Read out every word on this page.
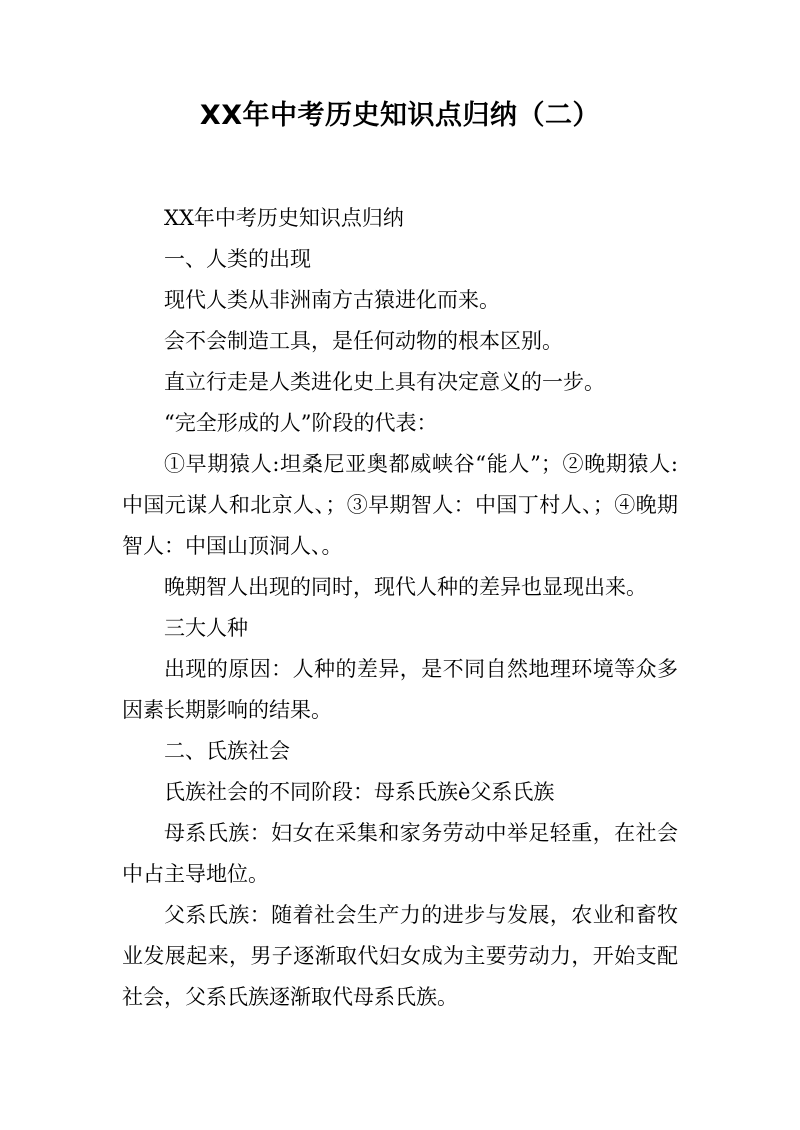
XX年中考历史知识点归纳（二）

XX年中考历史知识点归纳

一、人类的出现

现代人类从非洲南方古猿进化而来。

会不会制造工具，是任何动物的根本区别。

直立行走是人类进化史上具有决定意义的一步。

“完全形成的人”阶段的代表：

①早期猿人:坦桑尼亚奥都威峡谷“能人”；②晚期猿人:中国元谋人和北京人、；③早期智人：中国丁村人、；④晚期智人：中国山顶洞人、。

晚期智人出现的同时，现代人种的差异也显现出来。

三大人种

出现的原因：人种的差异，是不同自然地理环境等众多因素长期影响的结果。

二、氏族社会

氏族社会的不同阶段：母系氏族è父系氏族

母系氏族：妇女在采集和家务劳动中举足轻重，在社会中占主导地位。

父系氏族：随着社会生产力的进步与发展，农业和畜牧业发展起来，男子逐渐取代妇女成为主要劳动力，开始支配社会，父系氏族逐渐取代母系氏族。
